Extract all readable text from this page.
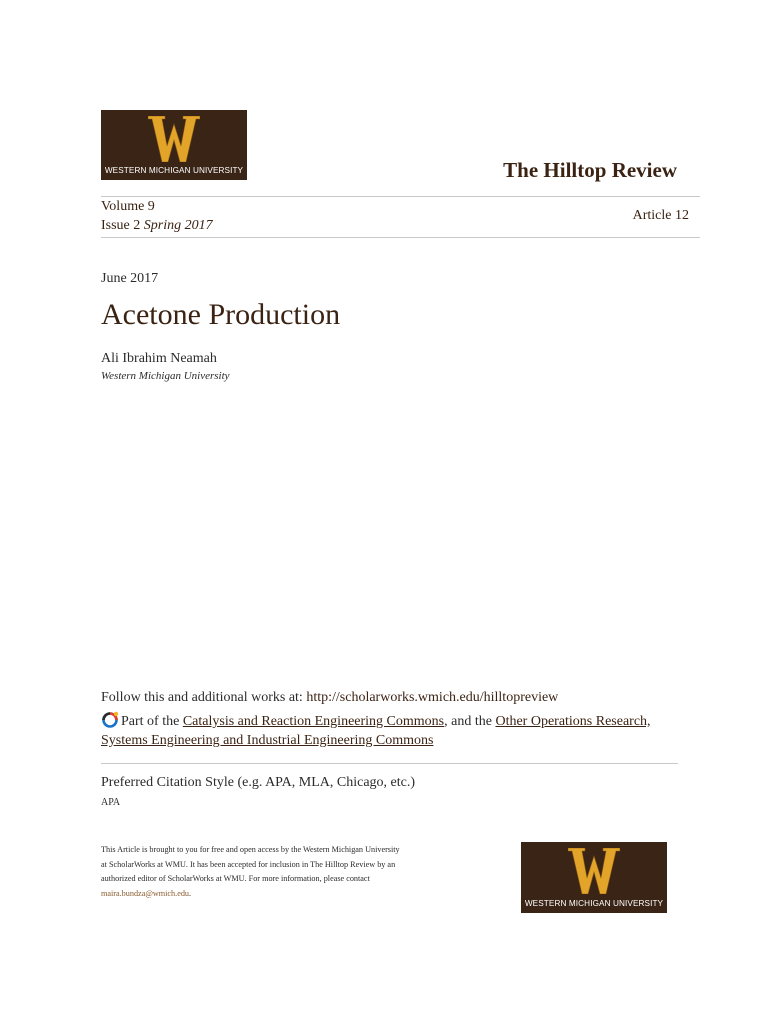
WESTERN MICHIGAN UNIVERSITY	The Hilltop Review
Volume 9
Issue 2 Spring 2017
Article 12
June 2017
Acetone Production
Ali Ibrahim Neamah
Western Michigan University
Follow this and additional works at: http://scholarworks.wmich.edu/hilltopreview
Part of the Catalysis and Reaction Engineering Commons, and the Other Operations Research,
Systems Engineering and Industrial Engineering Commons
Preferred Citation Style (e.g. APA, MLA, Chicago, etc.)
APA
This Article is brought to you for free and open access by the Western Michigan University at ScholarWorks at WMU. It has been accepted for inclusion in The Hilltop Review by an authorized editor of ScholarWorks at WMU. For more information, please contact maira.bundza@wmich.edu.
WESTERN MICHIGAN UNIVERSITY
